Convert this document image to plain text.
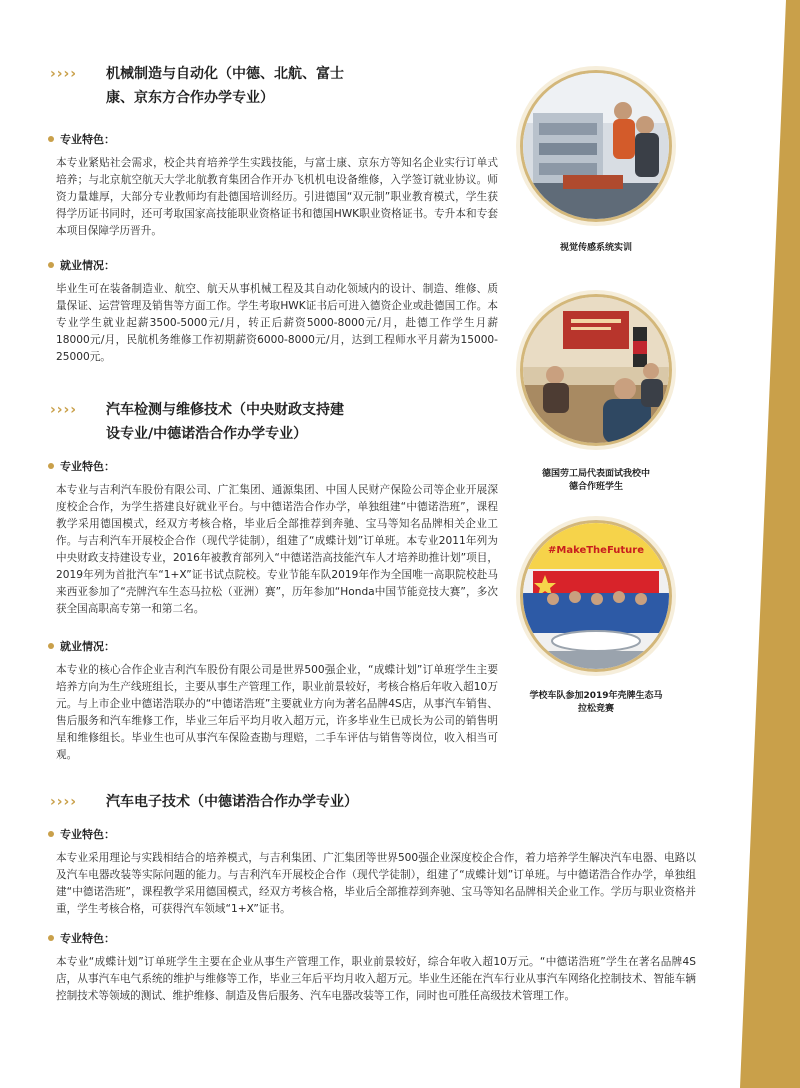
›››› 机械制造与自动化（中德、北航、富士
康、京东方合作办学专业）
专业特色：
本专业紧贴社会需求，校企共育培养学生实践技能，与富士康、京东方等知名企业实行订单式培养；与北京航空航天大学北航教育集团合作开办飞机机电设备维修，入学签订就业协议。师资力量雄厚，大部分专业教师均有赴德国培训经历。引进德国“双元制”职业教育模式，学生获得学历证书同时，还可考取国家高技能职业资格证书和德国HWK职业资格证书。专升本和专套本项目保障学历晋升。
就业情况：
毕业生可在装备制造业、航空、航天从事机械工程及其自动化领域内的设计、制造、维修、质量保证、运营管理及销售等方面工作。学生考取HWK证书后可进入德资企业或赴德国工作。本专业学生就业起薪3500-5000元/月，转正后薪资5000-8000元/月，赴德工作学生月薪18000元/月，民航机务维修工作初期薪资6000-8000元/月，达到工程师水平月薪为15000-25000元。
›››› 汽车检测与维修技术（中央财政支持建
设专业/中德诺浩合作办学专业）
专业特色：
本专业与吉利汽车股份有限公司、广汇集团、通源集团、中国人民财产保险公司等企业开展深度校企合作，为学生搭建良好就业平台。与中德诺浩合作办学，单独组建“中德诺浩班”，课程教学采用德国模式，经双方考核合格，毕业后全部推荐到奔驰、宝马等知名品牌相关企业工作。与吉利汽车开展校企合作（现代学徒制），组建了“成蝶计划”订单班。本专业2011年列为中央财政支持建设专业，2016年被教育部列入“中德诺浩高技能汽车人才培养助推计划”项目，2019年列为首批汽车“1+X”证书试点院校。专业节能车队2019年作为全国唯一高职院校赴马来西亚参加了“壳牌汽车生态马拉松（亚洲）赛”，历年参加“Honda中国节能竞技大赛”，多次获全国高职高专第一和第二名。
就业情况：
本专业的核心合作企业吉利汽车股份有限公司是世界500强企业，“成蝶计划”订单班学生主要培养方向为生产线班组长，主要从事生产管理工作，职业前景较好，考核合格后年收入超10万元。与上市企业中德诺浩联办的“中德诺浩班”主要就业方向为著名品牌4S店，从事汽车销售、售后服务和汽车维修工作，毕业三年后平均月收入超万元，许多毕业生已成长为公司的销售明星和维修组长。毕业生也可从事汽车保险查勘与理赔，二手车评估与销售等岗位，收入相当可观。
›››› 汽车电子技术（中德诺浩合作办学专业）
专业特色：
本专业采用理论与实践相结合的培养模式，与吉利集团、广汇集团等世界500强企业深度校企合作，着力培养学生解决汽车电器、电路以及汽车电器改装等实际问题的能力。与吉利汽车开展校企合作（现代学徒制），组建了“成蝶计划”订单班。与中德诺浩合作办学，单独组建“中德诺浩班”，课程教学采用德国模式，经双方考核合格，毕业后全部推荐到奔驰、宝马等知名品牌相关企业工作。学历与职业资格并重，学生考核合格，可获得汽车领域“1+X”证书。
专业特色：
本专业“成蝶计划”订单班学生主要在企业从事生产管理工作，职业前景较好，综合年收入超10万元。“中德诺浩班”学生在著名品牌4S店，从事汽车电气系统的维护与维修等工作，毕业三年后平均月收入超万元。毕业生还能在汽车行业从事汽车网络化控制技术、智能车辆控制技术等领域的测试、维护维修、制造及售后服务、汽车电器改装等工作，同时也可胜任高级技术管理工作。
视觉传感系统实训
德国劳工局代表面试我校中
德合作班学生
#MakeTheFuture
学校车队参加2019年壳牌生态马
拉松竞赛
